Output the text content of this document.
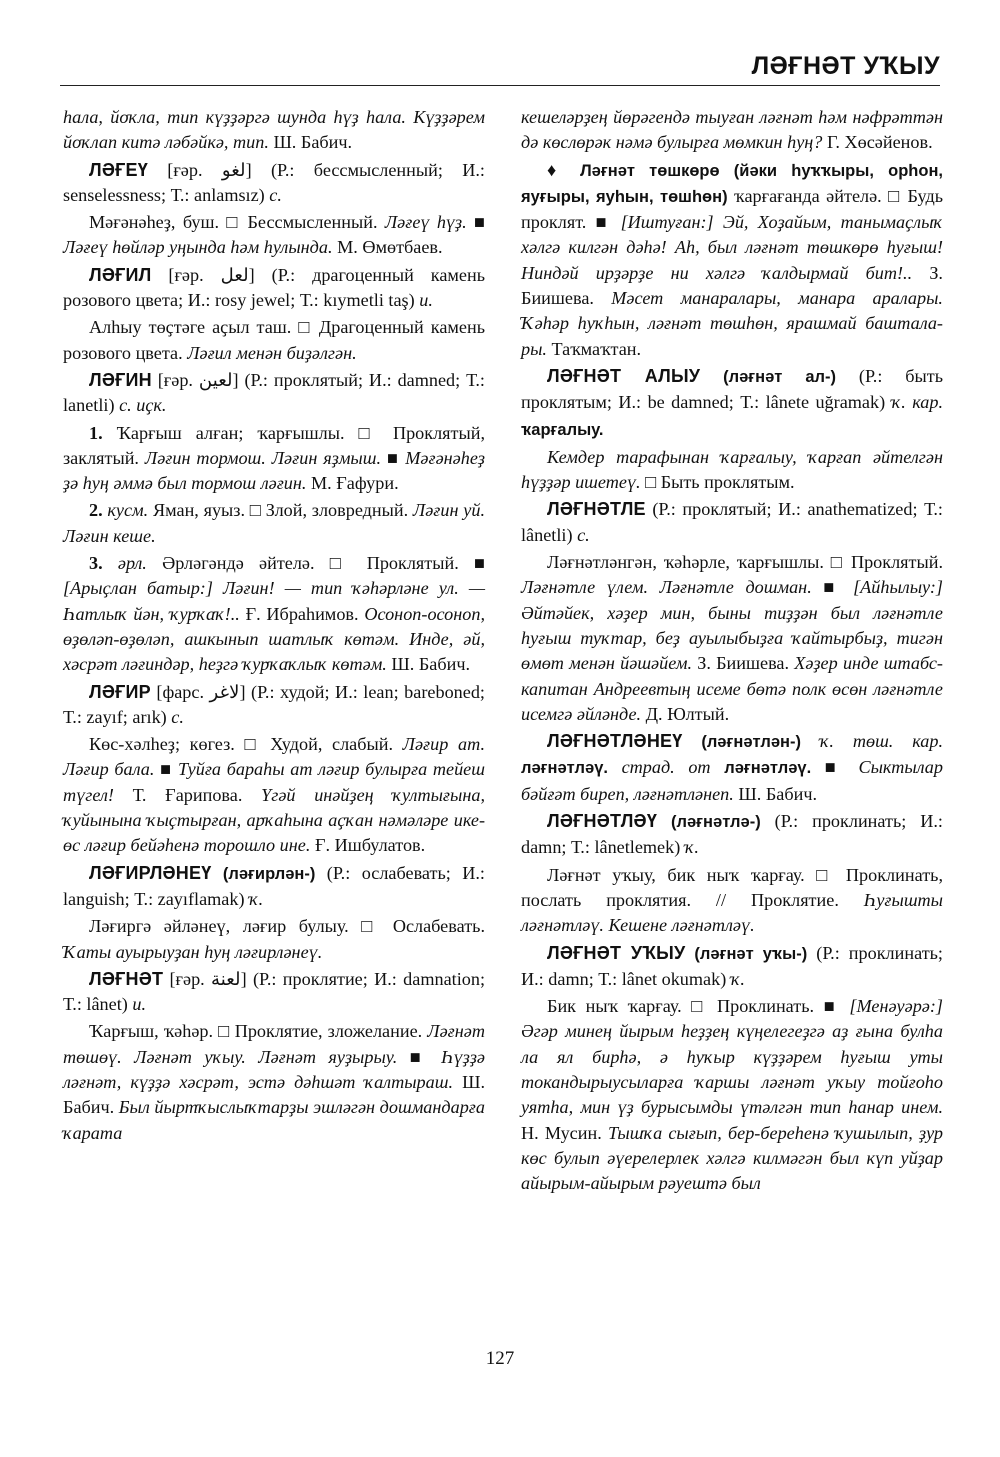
ЛӘҒНӘТ УҠЫУ

һала, йоҡла, тип күҙҙәргә шунда һүҙ һала. Күҙҙәрем йоҡлап китә ләбәйкә, тип. Ш. Бабич.

ЛӘҒЕҮ [ғәр. لغو] (Р.: бессмысленный; И.: senselessness; Т.: anlamsız) с.

Мәғәнәһеҙ, буш. □ Бессмысленный. Ләғеү һүҙ. ■ Ләғеү һөйләр уңында һәм һулында. М. Өмөтбаев.

ЛӘҒИЛ [ғәр. لعل] (Р.: драгоценный камень розового цвета; И.: rosy jewel; Т.: kıymetli taş) и.

Алһыу төҫтәге аҫыл таш. □ Драгоценный камень розового цвета. Ләғил менән биҙәлгән.

ЛӘҒИН [ғәр. لعين] (Р.: проклятый; И.: damned; Т.: lanetli) с. иҫк.

1. Ҡарғыш алған; ҡарғышлы. □ Проклятый, заклятый. Ләғин тормош. Ләғин яҙмыш. ■ Мәғәнәһеҙ ҙә һуң әммә был тормош ләғин. М. Ғафури.

2. кусм. Яман, яуыз. □ Злой, зловредный. Ләғин уй. Ләғин кеше.

3. әрл. Әрләгәндә әйтелә. □ Проклятый. ■ [Арыҫлан батыр:] Ләғин! — тип ҡәһәрләне ул. — Һатлыҡ йән, ҡурҡаҡ!.. Ғ. Ибраһимов. Осоноп-осоноп, өҙөләп-өҙөләп, ашкынып шатлыҡ көтәм. Инде, әй, хәсрәт ләғиндәр, һеҙгә ҡурҡаҡлыҡ көтәм. Ш. Бабич.

ЛӘҒИР [фарс. لاغر] (Р.: худой; И.: lean; bareboned; Т.: zayıf; arık) с.

Көс-хәлһеҙ; көгез. □ Худой, слабый. Ләғир ат. Ләғир бала. ■ Туйға бараһы ат ләғир булырға тейеш түгел! Т. Ғарипова. Үгәй инәйҙең ҡултығына, ҡуйынына ҡыҫтырған, арҡаһына аҫҡан нәмәләре ике-өс ләғир бейәһенә торошло ине. Ғ. Ишбулатов.

ЛӘҒИРЛӘНЕҮ (ләғирлән-) (Р.: ослабевать; И.: languish; Т.: zayıflamak) ҡ.

Ләғиргә әйләнеү, ләғир булыу. □ Ослабевать. Ҡаты ауырыуҙан һуң ләғирләнеү.

ЛӘҒНӘТ [ғәр. لعنة] (Р.: проклятие; И.: damnation; Т.: lânet) и.

Ҡарғыш, ҡәһәр. □ Проклятие, зложелание. Ләғнәт төшөү. Ләғнәт уҡыу. Ләғнәт яуҙырыу. ■ Һүҙҙә ләғнәт, күҙҙә хәсрәт, эстә дәһшәт ҡалтыраш. Ш. Бабич. Был йыртҡыслыҡтарҙы эшләгән дошмандарға ҡарата

кешеләрҙең йөрәгендә тыуған ләғнәт һәм нәфрәттән дә көслөрәк нәмә булырға мөмкин һуң? Г. Хөсәйенов.

♦ Ләғнәт төшкөрө (йәки һуҡҡыры, орһон, яуғыры, яуһын, төшһөн) ҡарғағанда әйтелә. □ Будь проклят. ■ [Иштуған:] Эй, Хоҙайым, танымаҫлыҡ хәлгә килгән дәһә! Ah, был ләғнәт төшкөрө һуғыш! Ниндәй ирҙәрҙе ни хәлгә ҡалдырмай бит!.. З. Биишева. Мәсет манаралары, манара аралары. Ҡәһәр һуҡһын, ләғнәт төшһөн, ярашмай баштала-ры. Таҡмаҡтан.

ЛӘҒНӘТ АЛЫУ (ләғнәт ал-) (Р.: быть проклятым; И.: be damned; Т.: lânete uğramak) ҡ. кар. ҡарғалыу.

Кемдер тарафынан ҡарғалыу, ҡарғап әйтелгән һүҙҙәр ишетеү. □ Быть проклятым.

ЛӘҒНӘТЛЕ (Р.: проклятый; И.: anathematized; Т.: lânetli) с.

Ләғнәтләнгән, ҡәһәрле, ҡарғышлы. □ Проклятый. Ләғнәтле үлем. Ләғнәтле дошман. ■ [Айһылыу:] Әйтәйек, хәҙер мин, быны тиҙҙән был ләғнәтле һуғыш туҡтар, беҙ ауылыбыҙға ҡайтырбыҙ, тигән өмөт менән йәшәйем. З. Биишева. Хәҙер инде штабс-капитан Андреевтың исеме бөтә полк өсөн ләғнәтле исемгә әйләнде. Д. Юлтый.

ЛӘҒНӘТЛӘНЕҮ (ләғнәтлән-) ҡ. төш. кар. ләғнәтләү. страд. от ләғнәтләү. ■ Сыктылар бәйғәт биреп, ләғнәтләнеп. Ш. Бабич.

ЛӘҒНӘТЛӘҮ (ләғнәтлә-) (Р.: проклинать; И.: damn; Т.: lânetlemek) ҡ.

Ләғнәт уҡыу, бик ныҡ ҡарғау. □ Проклинать, послать проклятия. // Проклятие. Һуғышты ләғнәтләү. Кешене ләғнәтләү.

ЛӘҒНӘТ УҠЫУ (ләғнәт уҡы-) (Р.: проклинать; И.: damn; Т.: lânet okumak) ҡ.

Бик ныҡ ҡарғау. □ Проклинать. ■ [Менәуәрә:] Әгәр минең йырым һеҙҙең күңелегеҙгә аҙ ғына булһа ла ял бирһә, ә һуҡыр күҙҙәрем һуғыш уты токандырыусыларға ҡаршы ләғнәт уҡыу тойғоһо уятһа, мин үҙ бурысымды үтәлгән тип һанар инем. Н. Мусин. Тышҡа сығып, бер-береһенә ҡушылып, ҙур көс булып әүерелерлек хәлгә килмәгән был күп уйҙар айырым-айырым рәуештә был

127
